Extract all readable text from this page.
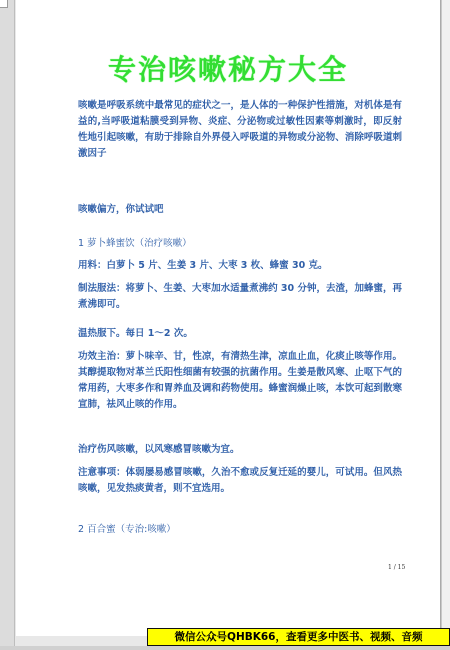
专治咳嗽秘方大全

咳嗽是呼吸系统中最常见的症状之一，是人体的一种保护性措施，对机体是有益的,当呼吸道粘膜受到异物、炎症、分泌物或过敏性因素等刺激时，即反射性地引起咳嗽，有助于排除自外界侵入呼吸道的异物或分泌物、消除呼吸道刺激因子

咳嗽偏方，你试试吧
1 萝卜蜂蜜饮（治疗咳嗽）
用料：白萝卜 5 片、生姜 3 片、大枣 3 枚、蜂蜜 30 克。

制法服法：将萝卜、生姜、大枣加水适量煮沸约 30 分钟，去渣，加蜂蜜，再煮沸即可。

温热服下。每日 1～2 次。

功效主治：萝卜味辛、甘，性凉，有清热生津，凉血止血，化痰止咳等作用。其醇提取物对革兰氏阳性细菌有较强的抗菌作用。生姜是散风寒、止呕下气的常用药，大枣多作和胃养血及调和药物使用。蜂蜜润燥止咳，本饮可起到散寒宣肺，祛风止咳的作用。

治疗伤风咳嗽，以风寒感冒咳嗽为宜。

注意事项：体弱屡易感冒咳嗽，久治不愈或反复迁延的婴儿，可试用。但风热咳嗽，见发热痰黄者，则不宜选用。

2 百合蜜（专治:咳嗽）
1 / 15
微信公众号QHBK66，查看更多中医书、视频、音频
